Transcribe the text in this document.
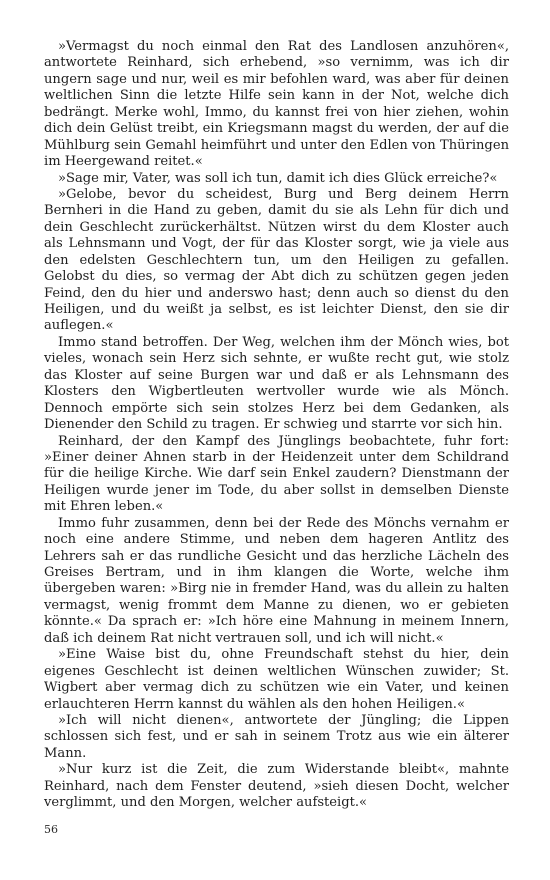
»Vermagst du noch einmal den Rat des Landlosen anzuhören«, antwortete Reinhard, sich erhebend, »so vernimm, was ich dir ungern sage und nur, weil es mir befohlen ward, was aber für deinen weltlichen Sinn die letzte Hilfe sein kann in der Not, welche dich bedrängt. Merke wohl, Immo, du kannst frei von hier ziehen, wohin dich dein Gelüst treibt, ein Kriegsmann magst du werden, der auf die Mühlburg sein Gemahl heimführt und unter den Edlen von Thüringen im Heergewand reitet.«

»Sage mir, Vater, was soll ich tun, damit ich dies Glück erreiche?«

»Gelobe, bevor du scheidest, Burg und Berg deinem Herrn Bernheri in die Hand zu geben, damit du sie als Lehn für dich und dein Geschlecht zurückerhältst. Nützen wirst du dem Kloster auch als Lehnsmann und Vogt, der für das Kloster sorgt, wie ja viele aus den edelsten Geschlechtern tun, um den Heiligen zu gefallen. Gelobst du dies, so vermag der Abt dich zu schützen gegen jeden Feind, den du hier und anderswo hast; denn auch so dienst du den Heiligen, und du weißt ja selbst, es ist leichter Dienst, den sie dir auflegen.«

Immo stand betroffen. Der Weg, welchen ihm der Mönch wies, bot vieles, wonach sein Herz sich sehnte, er wußte recht gut, wie stolz das Kloster auf seine Burgen war und daß er als Lehnsmann des Klosters den Wigbertleuten wertvoller wurde wie als Mönch. Dennoch empörte sich sein stolzes Herz bei dem Gedanken, als Dienender den Schild zu tragen. Er schwieg und starrte vor sich hin.

Reinhard, der den Kampf des Jünglings beobachtete, fuhr fort: »Einer deiner Ahnen starb in der Heidenzeit unter dem Schildrand für die heilige Kirche. Wie darf sein Enkel zaudern? Dienstmann der Heiligen wurde jener im Tode, du aber sollst in demselben Dienste mit Ehren leben.«

Immo fuhr zusammen, denn bei der Rede des Mönchs vernahm er noch eine andere Stimme, und neben dem hageren Antlitz des Lehrers sah er das rundliche Gesicht und das herzliche Lächeln des Greises Bertram, und in ihm klangen die Worte, welche ihm übergeben waren: »Birg nie in fremder Hand, was du allein zu halten vermagst, wenig frommt dem Manne zu dienen, wo er gebieten könnte.« Da sprach er: »Ich höre eine Mahnung in meinem Innern, daß ich deinem Rat nicht vertrauen soll, und ich will nicht.«

»Eine Waise bist du, ohne Freundschaft stehst du hier, dein eigenes Geschlecht ist deinen weltlichen Wünschen zuwider; St. Wigbert aber vermag dich zu schützen wie ein Vater, und keinen erlauchteren Herrn kannst du wählen als den hohen Heiligen.«

»Ich will nicht dienen«, antwortete der Jüngling; die Lippen schlossen sich fest, und er sah in seinem Trotz aus wie ein älterer Mann.

»Nur kurz ist die Zeit, die zum Widerstande bleibt«, mahnte Reinhard, nach dem Fenster deutend, »sieh diesen Docht, welcher verglimmt, und den Morgen, welcher aufsteigt.«

56
